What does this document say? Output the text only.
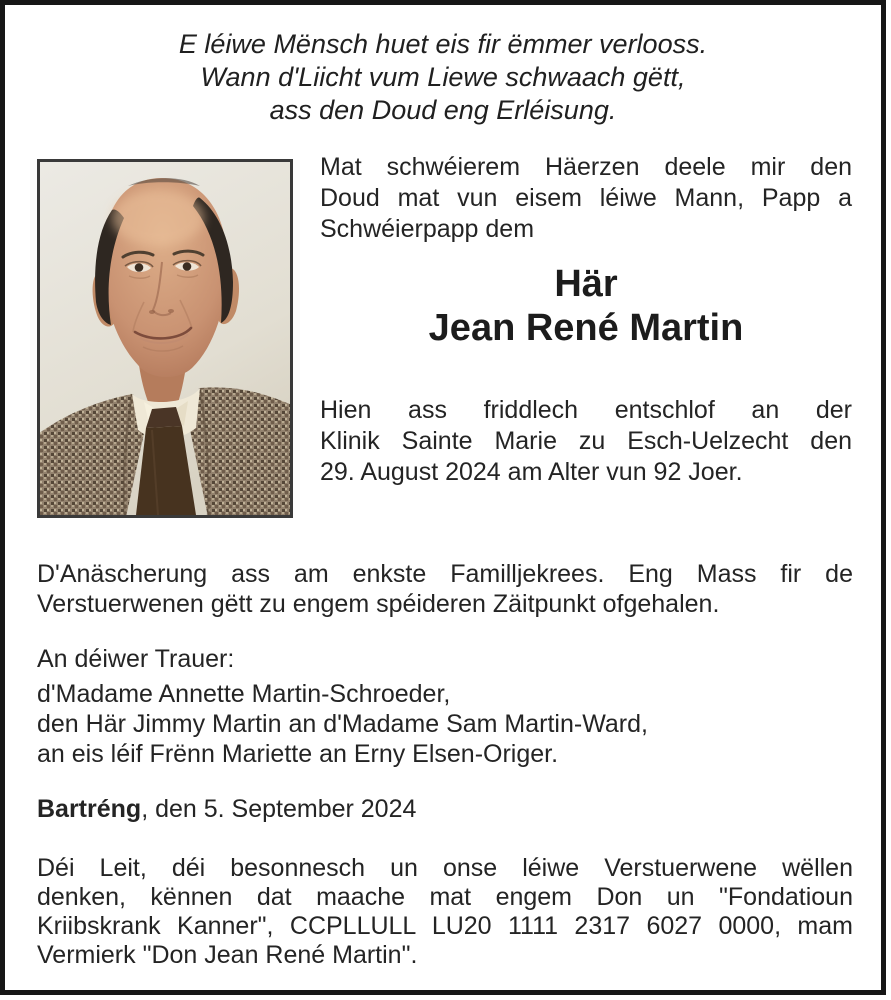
E léiwe Mënsch huet eis fir ëmmer verlooss.
Wann d'Liicht vum Liewe schwaach gëtt,
ass den Doud eng Erléisung.
Mat schwéierem Häerzen deele mir den
Doud mat vun eisem léiwe Mann, Papp a
Schwéierpapp dem
Här
Jean René Martin
Hien ass friddlech entschlof an der
Klinik Sainte Marie zu Esch-Uelzecht den
29. August 2024 am Alter vun 92 Joer.
D'Anäscherung ass am enkste Familljekrees. Eng Mass fir de
Verstuerwenen gëtt zu engem spéideren Zäitpunkt ofgehalen.
An déiwer Trauer:
d'Madame Annette Martin-Schroeder,
den Här Jimmy Martin an d'Madame Sam Martin-Ward,
an eis léif Frënn Mariette an Erny Elsen-Origer.
Bartréng, den 5. September 2024
Déi Leit, déi besonnesch un onse léiwe Verstuerwene wëllen
denken, kënnen dat maache mat engem Don un "Fondatioun
Kriibskrank Kanner", CCPLLULL LU20 1111 2317 6027 0000, mam
Vermierk "Don Jean René Martin".
